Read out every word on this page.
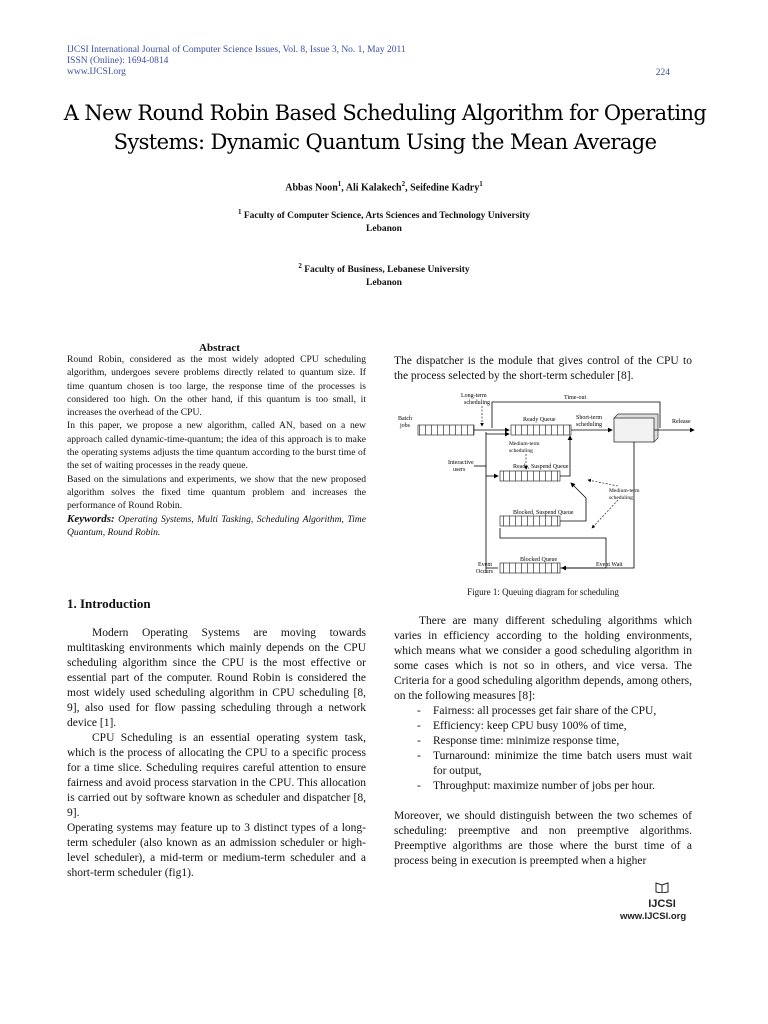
IJCSI International Journal of Computer Science Issues, Vol. 8, Issue 3, No. 1, May 2011
ISSN (Online): 1694-0814
www.IJCSI.org	224
A New Round Robin Based Scheduling Algorithm for Operating
Systems: Dynamic Quantum Using the Mean Average
Abbas Noon$^1$, Ali Kalakech$^2$, Seifedine Kadry$^1$
$^1$ Faculty of Computer Science, Arts Sciences and Technology University
Lebanon
$^2$ Faculty of Business, Lebanese University
Lebanon
Abstract

Round Robin, considered as the most widely adopted CPU scheduling algorithm, undergoes severe problems directly related to quantum size. If time quantum chosen is too large, the response time of the processes is considered too high. On the other hand, if this quantum is too small, it increases the overhead of the CPU.

In this paper, we propose a new algorithm, called AN, based on a new approach called dynamic-time-quantum; the idea of this approach is to make the operating systems adjusts the time quantum according to the burst time of the set of waiting processes in the ready queue.

Based on the simulations and experiments, we show that the new proposed algorithm solves the fixed time quantum problem and increases the performance of Round Robin.

Keywords: Operating Systems, Multi Tasking, Scheduling Algorithm, Time Quantum, Round Robin.
1. Introduction

Modern Operating Systems are moving towards multitasking environments which mainly depends on the CPU scheduling algorithm since the CPU is the most effective or essential part of the computer. Round Robin is considered the most widely used scheduling algorithm in CPU scheduling [8, 9], also used for flow passing scheduling through a network device [1].

CPU Scheduling is an essential operating system task, which is the process of allocating the CPU to a specific process for a time slice. Scheduling requires careful attention to ensure fairness and avoid process starvation in the CPU. This allocation is carried out by software known as scheduler and dispatcher [8, 9].

Operating systems may feature up to 3 distinct types of a long-term scheduler (also known as an admission scheduler or high-level scheduler), a mid-term or medium-term scheduler and a short-term scheduler (fig1).

The dispatcher is the module that gives control of the CPU to the process selected by the short-term scheduler [8].
Long-term
scheduling
Time-out
Batch
jobs
Ready Queue	Short-term
scheduling	Release
Medium-term
scheduling
Interactive
users	Ready, Suspend Queue
Medium-term
scheduling
Blocked, Suspend Queue
Blocked Queue
Event Wait
Event
Occurs
Figure 1: Queuing diagram for scheduling

There are many different scheduling algorithms which varies in efficiency according to the holding environments, which means what we consider a good scheduling algorithm in some cases which is not so in others, and vice versa. The Criteria for a good scheduling algorithm depends, among others, on the following measures [8]:

- Fairness: all processes get fair share of the CPU,
- Efficiency: keep CPU busy 100% of time,
- Response time: minimize response time,
- Turnaround: minimize the time batch users must wait for output,
- Throughput: maximize number of jobs per hour.

Moreover, we should distinguish between the two schemes of scheduling: preemptive and non preemptive algorithms. Preemptive algorithms are those where the burst time of a process being in execution is preempted when a higher

IJCSI
www.IJCSI.org
